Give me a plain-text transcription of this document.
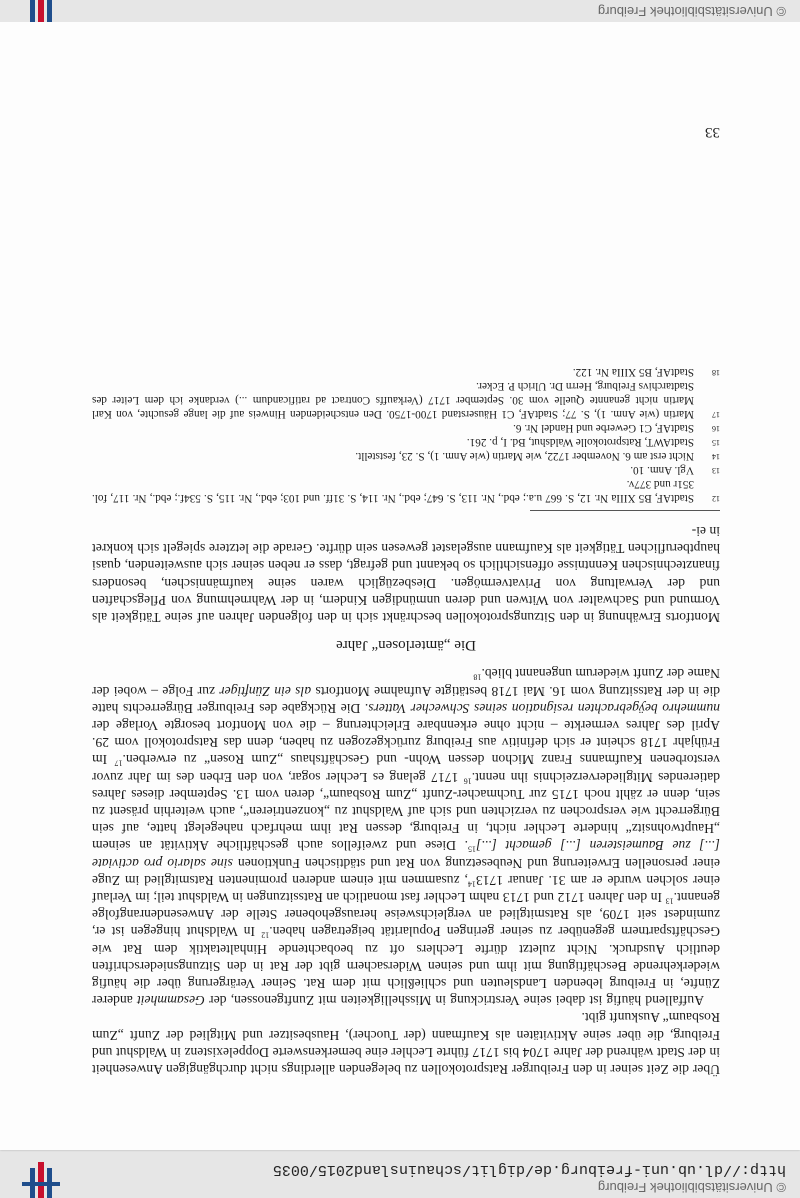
© Universitätsbibliothek Freiburg
http://dl.ub.uni-freiburg.de/diglit/schauinsland2015/0035

Über die Zeit seiner in den Freiburger Ratsprotokollen zu belegenden allerdings nicht durchgängigen Anwesenheit in der Stadt während der Jahre 1704 bis 1717 führte Lechler eine bemerkenswerte Doppelexistenz in Waldshut und Freiburg, die über seine Aktivitäten als Kaufmann (der Tuocher), Hausbesitzer und Mitglied der Zunft „Zum Rosbaum“ Auskunft gibt.

Auffallend häufig ist dabei seine Verstrickung in Misshelligkeiten mit Zunftgenossen, der Gesammheit anderer Zünfte, in Freiburg lebenden Landsleuten und schließlich mit dem Rat. Seiner Verärgerung über die häufig wiederkehrende Beschäftigung mit ihm und seinen Widersachern gibt der Rat in den Sitzungsniederschriften deutlich Ausdruck. Nicht zuletzt dürfte Lechlers oft zu beobachtende Hinhaltetaktik dem Rat wie Geschäftspartnern gegenüber zu seiner geringen Popularität beigetragen haben.$^{12}$ In Waldshut hingegen ist er, zumindest seit 1709, als Ratsmitglied an vergleichsweise herausgehobener Stelle der Anwesendenrangfolge genannt.$^{13}$ In den Jahren 1712 und 1713 nahm Lechler fast monatlich an Ratssitzungen in Waldshut teil; im Verlauf einer solchen wurde er am 31. Januar 1713$^{14}$, zusammen mit einem anderen prominenten Ratsmitglied im Zuge einer personellen Erweiterung und Neubesetzung von Rat und städtischen Funktionen sine salario pro activiate [...] zue Baumeisteren [...] gemacht [...]$^{15}$. Diese und zweifellos auch geschäftliche Aktivität an seinem „Hauptwohnsitz“ hinderte Lechler nicht, in Freiburg, dessen Rat ihm mehrfach nahegelegt hatte, auf sein Bürgerrecht wie versprochen zu verzichten und sich auf Waldshut zu „konzentrieren“, auch weiterhin präsent zu sein, denn er zählt noch 1715 zur Tuchmacher-Zunft „Zum Rosbaum“, deren vom 13. September dieses Jahres datierendes Mitgliederverzeichnis ihn nennt.$^{16}$ 1717 gelang es Lechler sogar, von den Erben des im Jahr zuvor verstorbenen Kaufmanns Franz Michon dessen Wohn- und Geschäftshaus „Zum Rosen“ zu erwerben.$^{17}$ Im Frühjahr 1718 scheint er sich definitiv aus Freiburg zurückgezogen zu haben, denn das Ratsprotokoll vom 29. April des Jahres vermerkte – nicht ohne erkennbare Erleichterung – die von Montfort besorgte Vorlage der nummehro beÿgebrachten resignation seines Schwecher Vatters. Die Rückgabe des Freiburger Bürgerrechts hatte die in der Ratssitzung vom 16. Mai 1718 bestätigte Aufnahme Montforts als ein Zünftiger zur Folge – wobei der Name der Zunft wiederum ungenannt blieb.$^{18}$

Die „ämterlosen“ Jahre

Montforts Erwähnung in den Sitzungsprotokollen beschränkt sich in den folgenden Jahren auf seine Tätigkeit als Vormund und Sachwalter von Witwen und deren unmündigen Kindern, in der Wahrnehmung von Pflegschaften und der Verwaltung von Privatvermögen. Diesbezüglich waren seine kaufmännischen, besonders finanztechnischen Kenntnisse offensichtlich so bekannt und gefragt, dass er neben seiner sich ausweitenden, quasi hauptberuflichen Tätigkeit als Kaufmann ausgelastet gewesen sein dürfte. Gerade die letztere spiegelt sich konkret in ei-

12
StadtAF, B5 XIIIa Nr. 12, S. 667 u.a.; ebd., Nr. 113, S. 647; ebd., Nr. 114, S. 31ff. und 103; ebd., Nr. 115, S. 534f.; ebd., Nr. 117, fol. 351r und 377v.
13
Vgl. Anm. 10.
14
Nicht erst am 6. November 1722, wie Martin (wie Anm. 1), S. 23, feststellt.
15
StadtAWT, Ratsprotokolle Waldshut, Bd. I, p. 261.
16
StadtAF, C1 Gewerbe und Handel Nr. 6.
17
Martin (wie Anm. 1), S. 77; StadtAF, C1 Häuserstand 1700-1750. Den entscheidenden Hinweis auf die lange gesuchte, von Karl Martin nicht genannte Quelle vom 30. September 1717 (Verkauffs Contract ad ratificandum ...) verdanke ich dem Leiter des Stadtarchivs Freiburg, Herrn Dr. Ulrich P. Ecker.
18
StadtAF, B5 XIIIa Nr. 122.
33
© Universitätsbibliothek Freiburg
